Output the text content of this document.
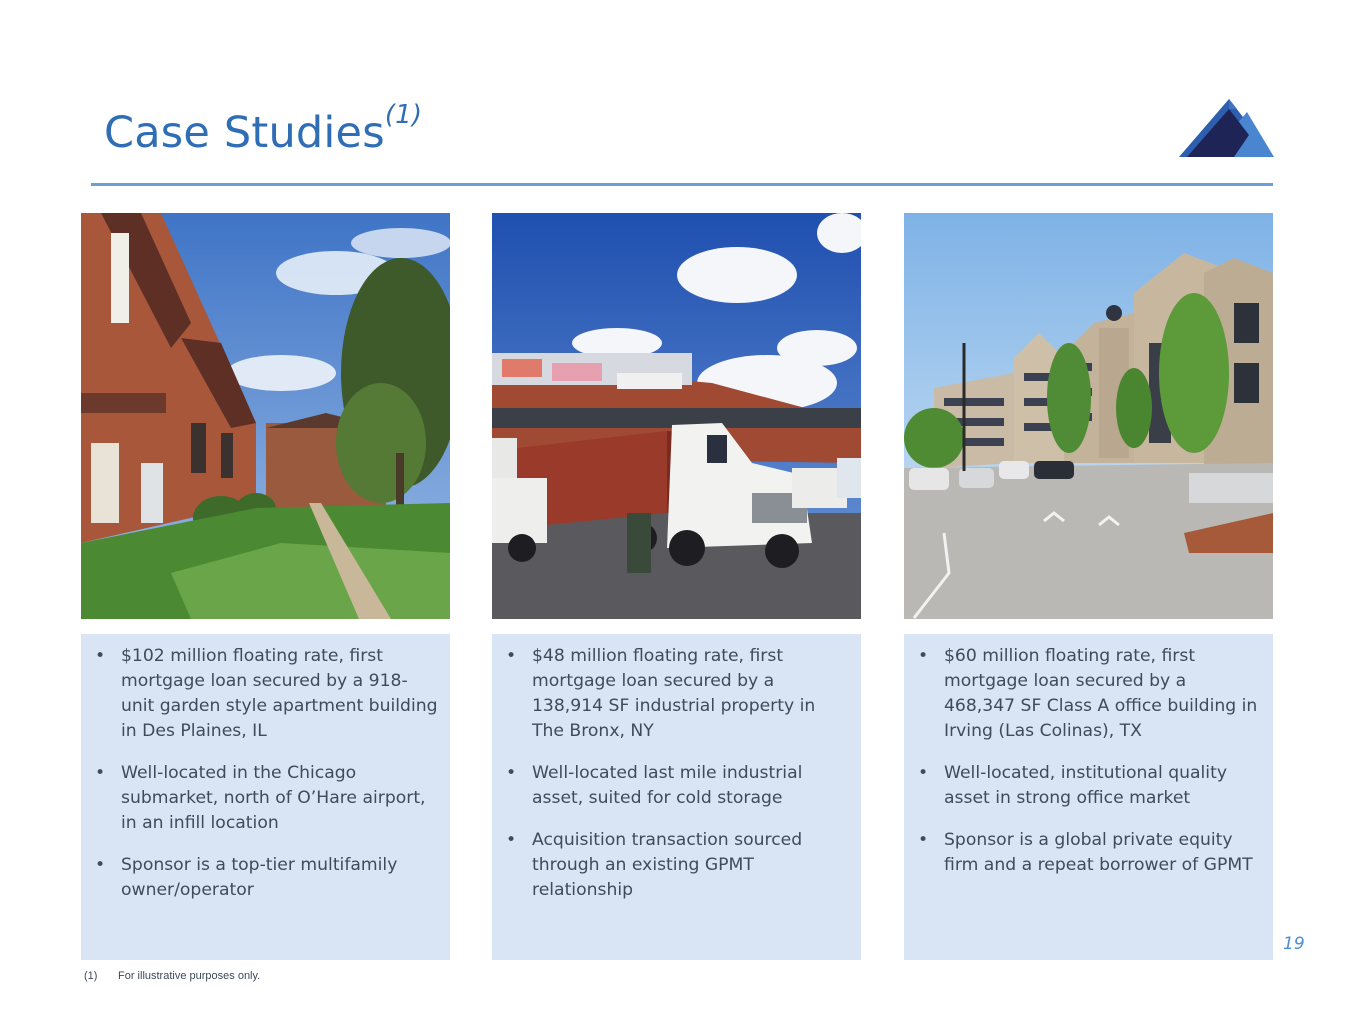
Case Studies$^{(1)}$
• $102 million floating rate, first mortgage loan secured by a 918-unit garden style apartment building in Des Plaines, IL
• Well-located in the Chicago submarket, north of O’Hare airport, in an infill location
• Sponsor is a top-tier multifamily owner/operator
• $48 million floating rate, first mortgage loan secured by a 138,914 SF industrial property in The Bronx, NY
• Well-located last mile industrial asset, suited for cold storage
• Acquisition transaction sourced through an existing GPMT relationship
• $60 million floating rate, first mortgage loan secured by a 468,347 SF Class A office building in Irving (Las Colinas), TX
• Well-located, institutional quality asset in strong office market
• Sponsor is a global private equity firm and a repeat borrower of GPMT
19
(1) For illustrative purposes only.
